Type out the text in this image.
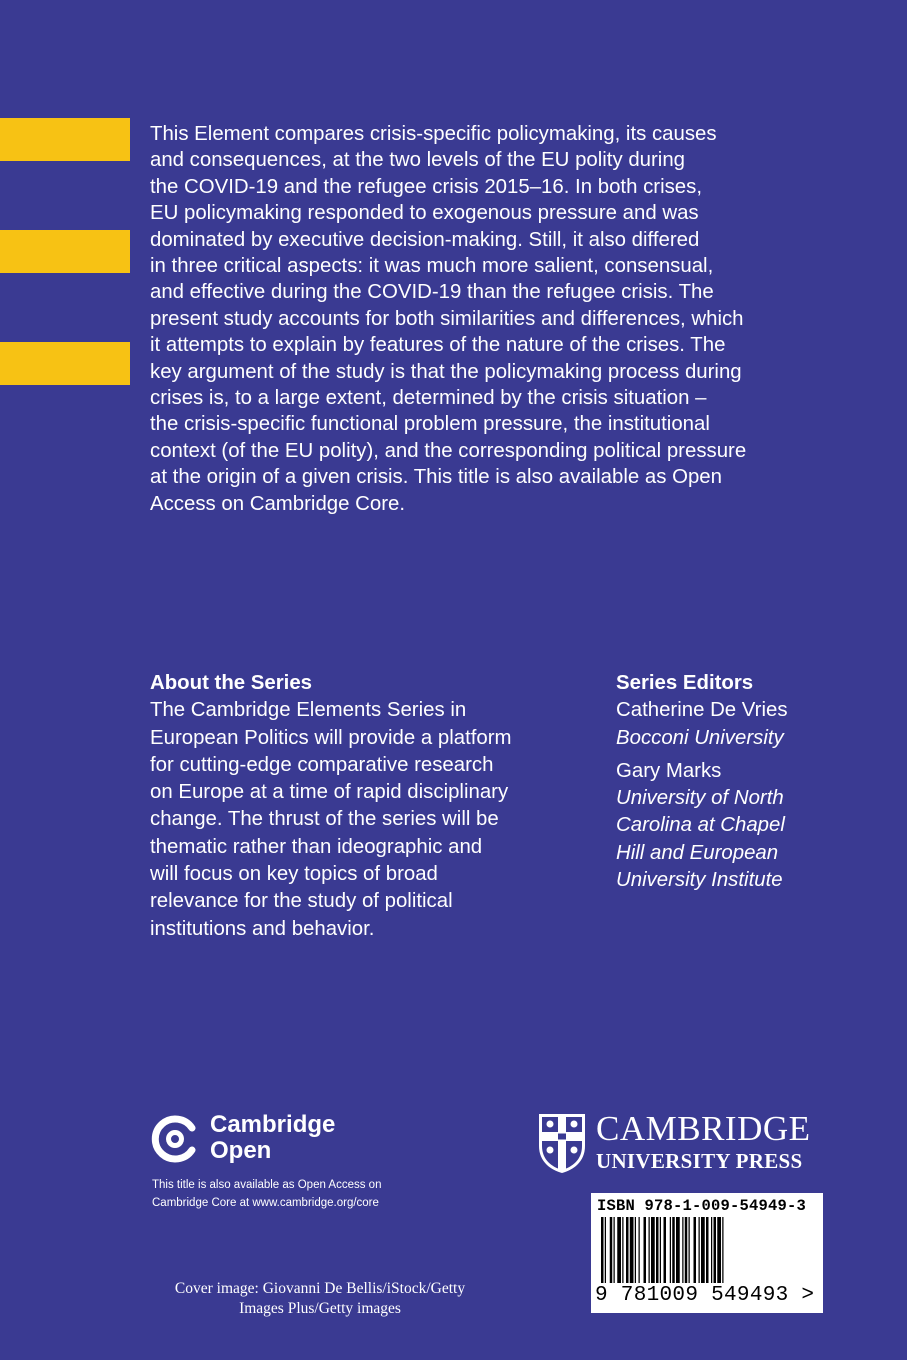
This Element compares crisis-specific policymaking, its causes
and consequences, at the two levels of the EU polity during
the COVID-19 and the refugee crisis 2015–16. In both crises,
EU policymaking responded to exogenous pressure and was
dominated by executive decision-making. Still, it also differed
in three critical aspects: it was much more salient, consensual,
and effective during the COVID-19 than the refugee crisis. The
present study accounts for both similarities and differences, which
it attempts to explain by features of the nature of the crises. The
key argument of the study is that the policymaking process during
crises is, to a large extent, determined by the crisis situation –
the crisis-specific functional problem pressure, the institutional
context (of the EU polity), and the corresponding political pressure
at the origin of a given crisis. This title is also available as Open
Access on Cambridge Core.
About the Series

The Cambridge Elements Series in

European Politics will provide a platform

for cutting-edge comparative research

on Europe at a time of rapid disciplinary

change. The thrust of the series will be

thematic rather than ideographic and

will focus on key topics of broad

relevance for the study of political

institutions and behavior.

Series Editors

Catherine De Vries

Bocconi University

Gary Marks

University of North

Carolina at Chapel

Hill and European

University Institute

Cambridge
Open
This title is also available as Open Access on
Cambridge Core at www.cambridge.org/core
CAMBRIDGE
UNIVERSITY PRESS
ISBN 978-1-009-54949-3
9 781009 549493 >
Cover image: Giovanni De Bellis/iStock/Getty
Images Plus/Getty images
